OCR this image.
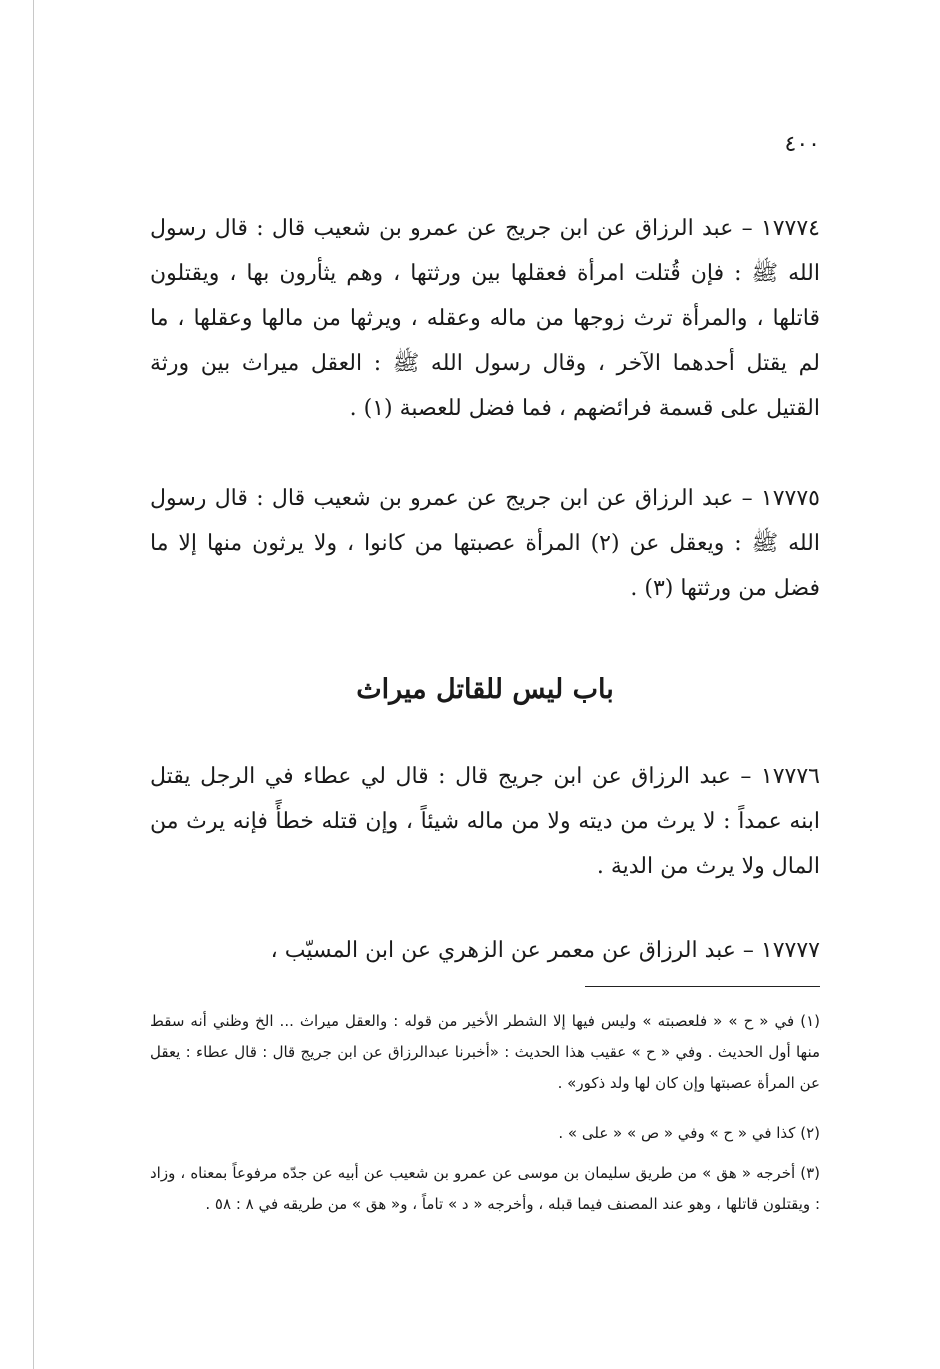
٤٠٠
١٧٧٧٤ – عبد الرزاق عن ابن جريج عن عمرو بن شعيب قال : قال رسول الله ﷺ : فإن قُتلت امرأة فعقلها بين ورثتها ، وهم يثأرون بها ، ويقتلون قاتلها ، والمرأة ترث زوجها من ماله وعقله ، ويرثها من مالها وعقلها ، ما لم يقتل أحدهما الآخر ، وقال رسول الله ﷺ : العقل ميراث بين ورثة القتيل على قسمة فرائضهم ، فما فضل للعصبة (١) .
١٧٧٧٥ – عبد الرزاق عن ابن جريج عن عمرو بن شعيب قال : قال رسول الله ﷺ : ويعقل عن (٢) المرأة عصبتها من كانوا ، ولا يرثون منها إلا ما فضل من ورثتها (٣) .
باب ليس للقاتل ميراث
١٧٧٧٦ – عبد الرزاق عن ابن جريج قال : قال لي عطاء في الرجل يقتل ابنه عمداً : لا يرث من ديته ولا من ماله شيئاً ، وإن قتله خطأً فإنه يرث من المال ولا يرث من الدية .
١٧٧٧٧ – عبد الرزاق عن معمر عن الزهري عن ابن المسيّب ،
(١) في « ح » « فلعصبته » وليس فيها إلا الشطر الأخير من قوله : والعقل ميراث ... الخ وظني أنه سقط منها أول الحديث . وفي « ح » عقيب هذا الحديث : «أخبرنا عبدالرزاق عن ابن جريج قال : قال عطاء : يعقل عن المرأة عصبتها وإن كان لها ولد ذكور» .
(٢) كذا في « ح » وفي « ص » « على » .
(٣) أخرجه « هق » من طريق سليمان بن موسى عن عمرو بن شعيب عن أبيه عن جدّه مرفوعاً بمعناه ، وزاد : ويقتلون قاتلها ، وهو عند المصنف فيما قبله ، وأخرجه « د » تاماً ، و« هق » من طريقه في ٨ : ٥٨ .
